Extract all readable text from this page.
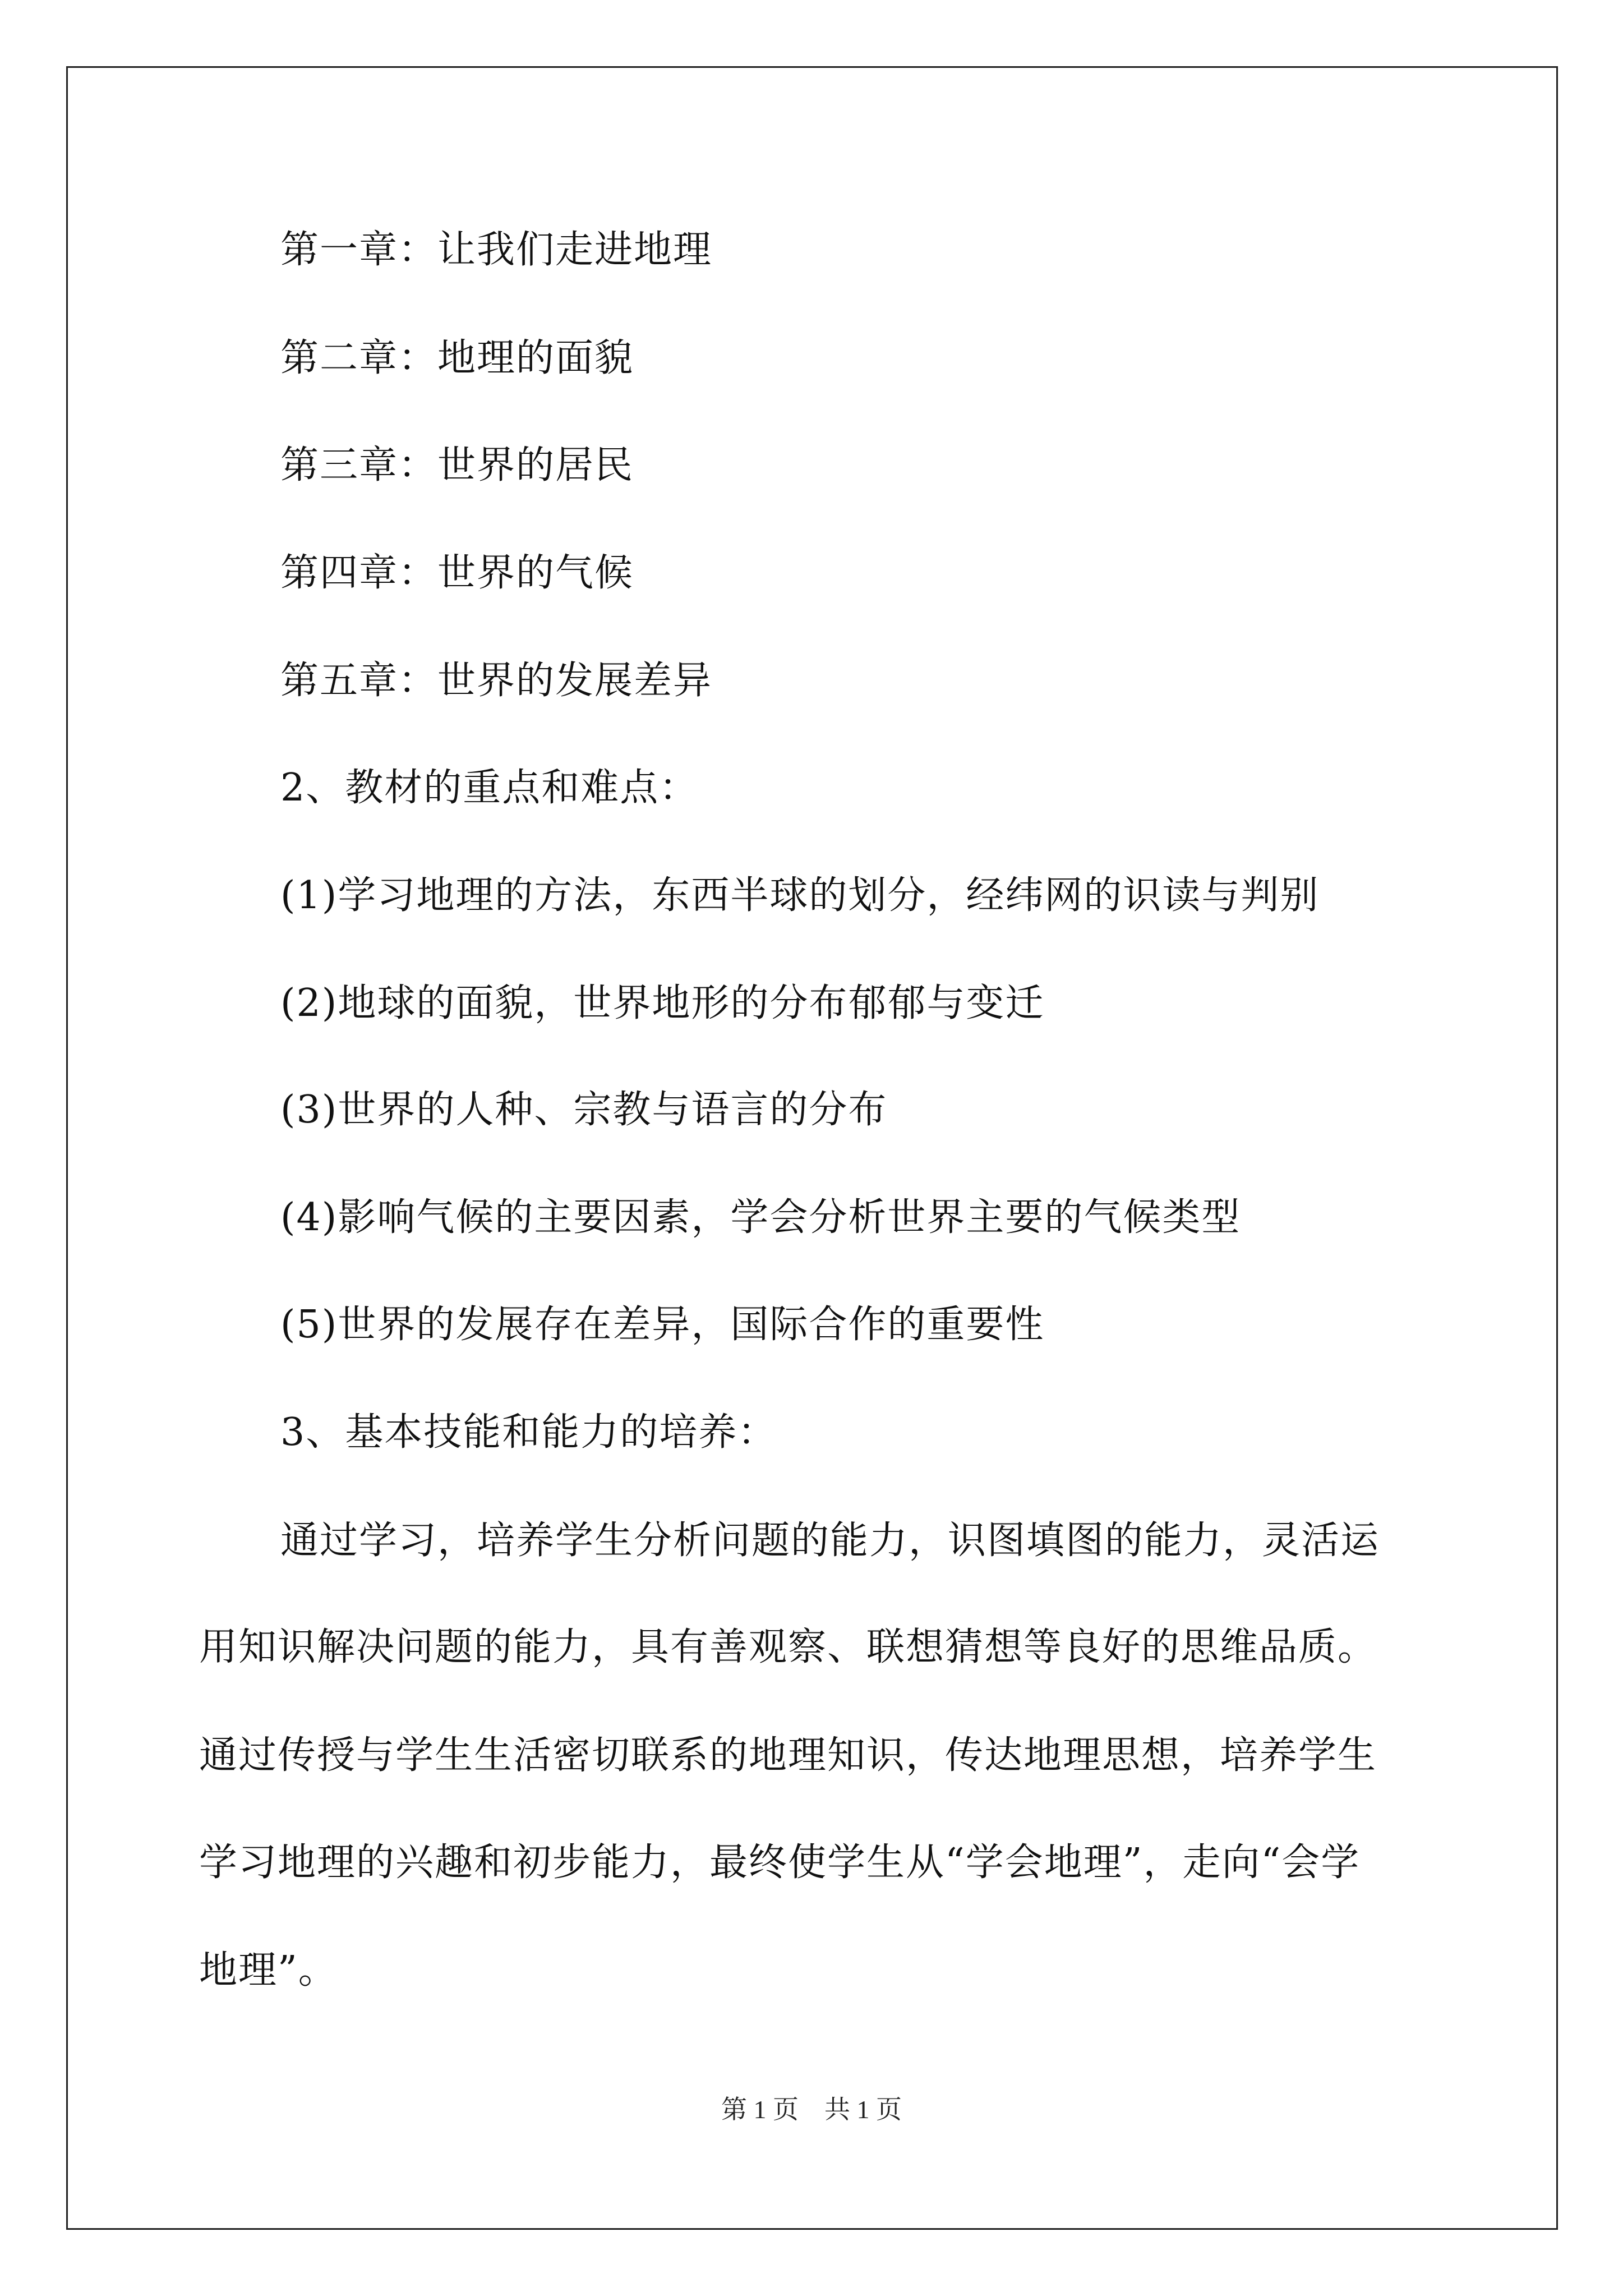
第一章：让我们走进地理
第二章：地理的面貌
第三章：世界的居民
第四章：世界的气候
第五章：世界的发展差异
2、教材的重点和难点：
(1)学习地理的方法，东西半球的划分，经纬网的识读与判别
(2)地球的面貌，世界地形的分布郁郁与变迁
(3)世界的人种、宗教与语言的分布
(4)影响气候的主要因素，学会分析世界主要的气候类型
(5)世界的发展存在差异，国际合作的重要性
3、基本技能和能力的培养：
通过学习，培养学生分析问题的能力，识图填图的能力，灵活运
用知识解决问题的能力，具有善观察、联想猜想等良好的思维品质。
通过传授与学生生活密切联系的地理知识，传达地理思想，培养学生
学习地理的兴趣和初步能力，最终使学生从“学会地理”，走向“会学
地理”。
第 1 页　共 1 页
